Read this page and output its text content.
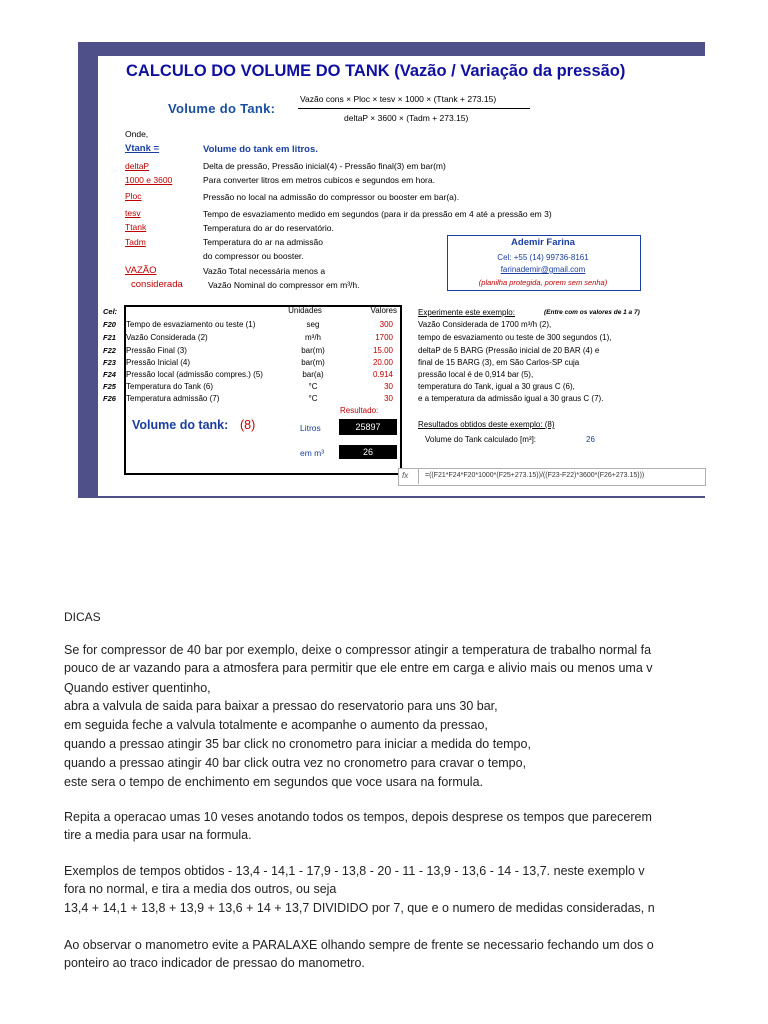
CALCULO DO VOLUME DO TANK (Vazão / Variação da pressão)
Volume do Tank:
Vazão cons × Ploc × tesv × 1000 × (Ttank + 273.15)
deltaP × 3600 × (Tadm + 273.15)
Onde,
Vtank =	Volume do tank em litros.
deltaP	Delta de pressão, Pressão inicial(4) - Pressão final(3) em bar(m)
1000 e 3600	Para converter litros em metros cubicos e segundos em hora.
Ploc	Pressão no local na admissão do compressor ou booster em bar(a).
tesv	Tempo de esvaziamento medido em segundos (para ir da pressão em 4 até a pressão em 3)
Ttank	Temperatura do ar do reservatório.
Tadm	Temperatura do ar na admissão
do compressor ou booster.
VAZÃO	Vazão Total necessária menos a
considerada	Vazão Nominal do compressor em m³/h.
Ademir Farina
Cel: +55 (14) 99736-8161
farinademir@gmail.com
(planilha protegida, porem sem senha)
Cel:	Unidades	Valores
F20 Tempo de esvaziamento ou teste (1)	seg	300
F21 Vazão Considerada (2)	m³/h	1700
F22 Pressão Final (3)	bar(m)	15.00
F23 Pressão Inicial (4)	bar(m)	20.00
F24 Pressão local (admissão compres.) (5)	bar(a)	0.914
F25 Temperatura do Tank (6)	°C	30
F26 Temperatura admissão (7)	°C	30
Resultado:
Volume do tank: (8)	Litros	25897
em m³	26
Experimente este exemplo:	(Entre com os valores de 1 a 7)
Vazão Considerada de 1700 m³/h (2),
tempo de esvaziamento ou teste de 300 segundos (1),
deltaP de 5 BARG (Pressão inicial de 20 BAR (4) e
final de 15 BARG (3), em São Carlos-SP cuja
pressão local é de 0,914 bar (5),
temperatura do Tank, igual a 30 graus C (6),
e a temperatura da admissão igual a 30 graus C (7).
Resultados obtidos deste exemplo: (8)
Volume do Tank calculado [m³]:	26
fx =((F21*F24*F20*1000*(F25+273.15))/((F23-F22)*3600*(F26+273.15)))
DICAS
Se for compressor de 40 bar por exemplo, deixe o compressor atingir a temperatura de trabalho normal fa
pouco de ar vazando para a atmosfera para permitir que ele entre em carga e alivio mais ou menos uma v
Quando estiver quentinho,
abra a valvula de saida para baixar a pressao do reservatorio para uns 30 bar,
em seguida feche a valvula totalmente e acompanhe o aumento da pressao,
quando a pressao atingir 35 bar click no cronometro para iniciar a medida do tempo,
quando a pressao atingir 40 bar click outra vez no cronometro para cravar o tempo,
este sera o tempo de enchimento em segundos que voce usara na formula.
Repita a operacao umas 10 veses anotando todos os tempos, depois desprese os tempos que parecerem
tire a media para usar na formula.
Exemplos de tempos obtidos - 13,4 - 14,1 - 17,9 - 13,8 - 20 - 11 - 13,9 - 13,6 - 14 - 13,7. neste exemplo v
fora no normal, e tira a media dos outros, ou seja
13,4 + 14,1 + 13,8 + 13,9 + 13,6 + 14 + 13,7 DIVIDIDO por 7, que e o numero de medidas consideradas, n
Ao observar o manometro evite a PARALAXE olhando sempre de frente se necessario fechando um dos o
ponteiro ao traco indicador de pressao do manometro.
